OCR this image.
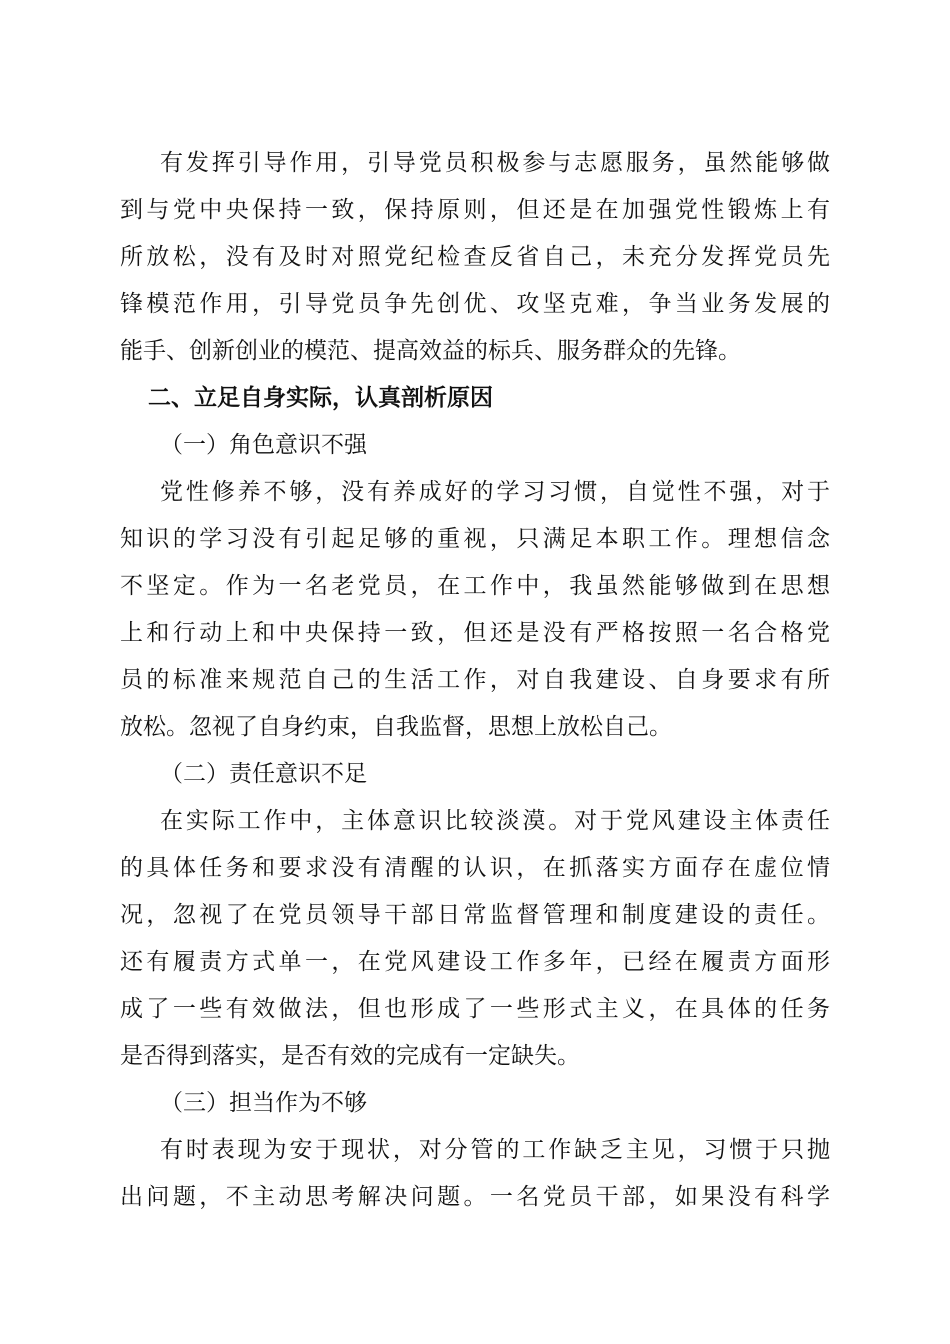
有发挥引导作用，引导党员积极参与志愿服务，虽然能够做
到与党中央保持一致，保持原则，但还是在加强党性锻炼上有
所放松，没有及时对照党纪检查反省自己，未充分发挥党员先
锋模范作用，引导党员争先创优、攻坚克难，争当业务发展的
能手、创新创业的模范、提高效益的标兵、服务群众的先锋。
二、立足自身实际，认真剖析原因
（一）角色意识不强
党性修养不够，没有养成好的学习习惯，自觉性不强，对于
知识的学习没有引起足够的重视，只满足本职工作。理想信念
不坚定。作为一名老党员，在工作中，我虽然能够做到在思想
上和行动上和中央保持一致，但还是没有严格按照一名合格党
员的标准来规范自己的生活工作，对自我建设、自身要求有所
放松。忽视了自身约束，自我监督，思想上放松自己。
（二）责任意识不足
在实际工作中，主体意识比较淡漠。对于党风建设主体责任
的具体任务和要求没有清醒的认识，在抓落实方面存在虚位情
况，忽视了在党员领导干部日常监督管理和制度建设的责任。
还有履责方式单一，在党风建设工作多年，已经在履责方面形
成了一些有效做法，但也形成了一些形式主义，在具体的任务
是否得到落实，是否有效的完成有一定缺失。
（三）担当作为不够
有时表现为安于现状，对分管的工作缺乏主见，习惯于只抛
出问题，不主动思考解决问题。一名党员干部，如果没有科学
